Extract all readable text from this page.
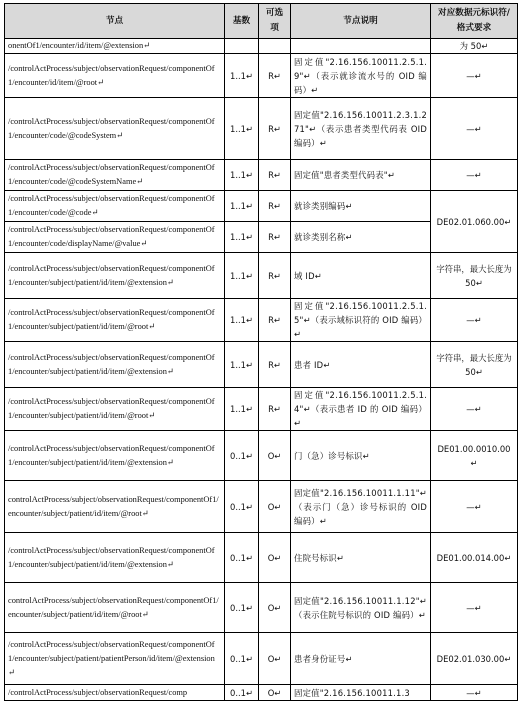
节点	基数	可选项	节点说明	对应数据元标识符/格式要求
onentOf1/encounter/id/item/@extension↵				为 50↵
/controlActProcess/subject/observationRequest/componentOf1/encounter/id/item/@root↵	1..1↵	R↵	固定值"2.16.156.10011.2.5.1.9"↵（表示就诊流水号的 OID 编码）↵	—↵
/controlActProcess/subject/observationRequest/componentOf1/encounter/code/@codeSystem↵	1..1↵	R↵	固定值"2.16.156.10011.2.3.1.271"↵（表示患者类型代码表 OID 编码）↵	—↵
/controlActProcess/subject/observationRequest/componentOf1/encounter/code/@codeSystemName↵	1..1↵	R↵	固定值"患者类型代码表"↵	—↵
/controlActProcess/subject/observationRequest/componentOf1/encounter/code/@code↵	1..1↵	R↵	就诊类别编码↵	DE02.01.060.00↵
/controlActProcess/subject/observationRequest/componentOf1/encounter/code/displayName/@value↵	1..1↵	R↵	就诊类别名称↵	
/controlActProcess/subject/observationRequest/componentOf1/encounter/subject/patient/id/item/@extension↵	1..1↵	R↵	域 ID↵	字符串，最大长度为 50↵
/controlActProcess/subject/observationRequest/componentOf1/encounter/subject/patient/id/item/@root↵	1..1↵	R↵	固定值"2.16.156.10011.2.5.1.5"↵（表示域标识符的 OID 编码）↵	—↵
/controlActProcess/subject/observationRequest/componentOf1/encounter/subject/patient/id/item/@extension↵	1..1↵	R↵	患者 ID↵	字符串，最大长度为 50↵
/controlActProcess/subject/observationRequest/componentOf1/encounter/subject/patient/id/item/@root↵	1..1↵	R↵	固定值"2.16.156.10011.2.5.1.4"↵（表示患者 ID 的 OID 编码）↵	—↵
/controlActProcess/subject/observationRequest/componentOf1/encounter/subject/patient/id/item/@extension↵	0..1↵	O↵	门（急）诊号标识↵	DE01.00.0010.00↵
controlActProcess/subject/observationRequest/componentOf1/encounter/subject/patient/id/item/@root↵	0..1↵	O↵	固定值"2.16.156.10011.1.11"↵（表示门（急）诊号标识的 OID 编码）↵	—↵
/controlActProcess/subject/observationRequest/componentOf1/encounter/subject/patient/id/item/@extension↵	0..1↵	O↵	住院号标识↵	DE01.00.014.00↵
controlActProcess/subject/observationRequest/componentOf1/encounter/subject/patient/id/item/@root↵	0..1↵	O↵	固定值"2.16.156.10011.1.12"↵（表示住院号标识的 OID 编码）↵	—↵
/controlActProcess/subject/observationRequest/componentOf1/encounter/subject/patient/patientPerson/id/item/@extension↵	0..1↵	O↵	患者身份证号↵	DE02.01.030.00↵
/controlActProcess/subject/observationRequest/comp	0..1↵	O↵	固定值"2.16.156.10011.1.3	—↵
